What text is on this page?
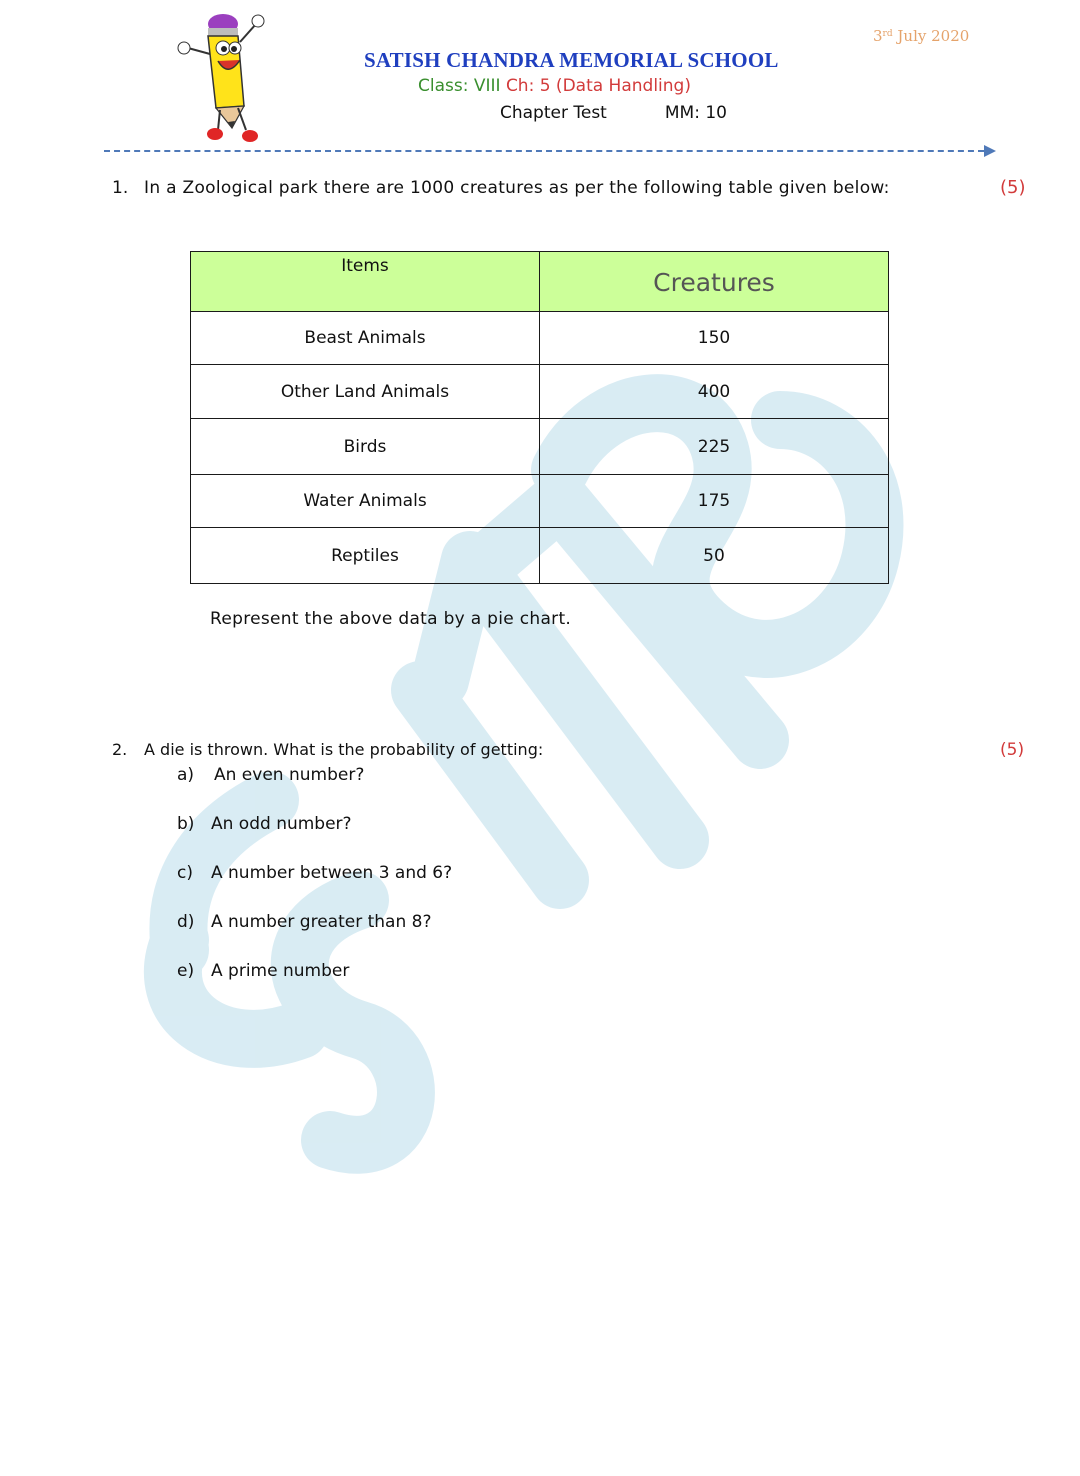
3rd July 2020
SATISH CHANDRA MEMORIAL SCHOOL
Class: VIII Ch: 5 (Data Handling)
Chapter Test	MM: 10
1. In a Zoological park there are 1000 creatures as per the following table given below:	(5)
Items	Creatures
Beast Animals	150
Other Land Animals	400
Birds	225
Water Animals	175
Reptiles	50
Represent the above data by a pie chart.
2. A die is thrown. What is the probability of getting:	(5)
a) An even number?
b) An odd number?
c) A number between 3 and 6?
d) A number greater than 8?
e) A prime number
